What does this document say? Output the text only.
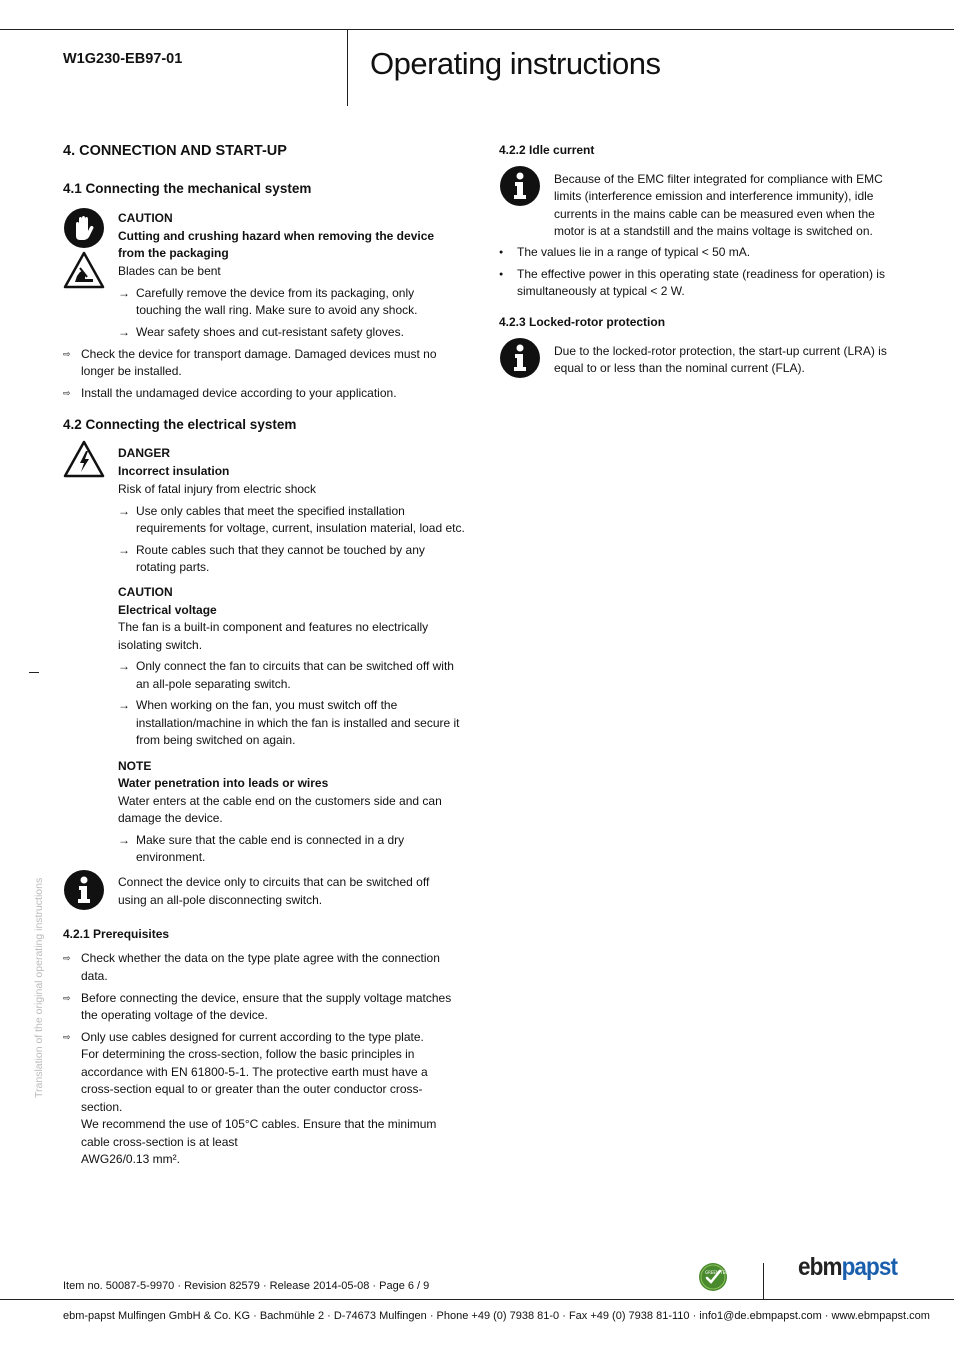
W1G230-EB97-01	Operating instructions
4. CONNECTION AND START-UP
4.1 Connecting the mechanical system
CAUTION
Cutting and crushing hazard when removing the device
from the packaging
Blades can be bent
→ Carefully remove the device from its packaging, only
touching the wall ring. Make sure to avoid any shock.
→ Wear safety shoes and cut-resistant safety gloves.
⇨ Check the device for transport damage. Damaged devices must no
longer be installed.
⇨ Install the undamaged device according to your application.
4.2 Connecting the electrical system
DANGER
Incorrect insulation
Risk of fatal injury from electric shock
→ Use only cables that meet the specified installation
requirements for voltage, current, insulation material, load etc.
→ Route cables such that they cannot be touched by any
rotating parts.
CAUTION
Electrical voltage
The fan is a built-in component and features no electrically
isolating switch.
→ Only connect the fan to circuits that can be switched off with
an all-pole separating switch.
→ When working on the fan, you must switch off the
installation/machine in which the fan is installed and secure it
from being switched on again.
NOTE
Water penetration into leads or wires
Water enters at the cable end on the customers side and can
damage the device.
→ Make sure that the cable end is connected in a dry
environment.
Connect the device only to circuits that can be switched off
using an all-pole disconnecting switch.
4.2.1 Prerequisites
⇨ Check whether the data on the type plate agree with the connection
data.
⇨ Before connecting the device, ensure that the supply voltage matches
the operating voltage of the device.
⇨ Only use cables designed for current according to the type plate.
For determining the cross-section, follow the basic principles in
accordance with EN 61800-5-1. The protective earth must have a
cross-section equal to or greater than the outer conductor cross-
section.
We recommend the use of 105°C cables. Ensure that the minimum
cable cross-section is at least
AWG26/0.13 mm².
4.2.2 Idle current
Because of the EMC filter integrated for compliance with EMC
limits (interference emission and interference immunity), idle
currents in the mains cable can be measured even when the
motor is at a standstill and the mains voltage is switched on.
● The values lie in a range of typical < 50 mA.
● The effective power in this operating state (readiness for operation) is
simultaneously at typical < 2 W.
4.2.3 Locked-rotor protection
Due to the locked-rotor protection, the start-up current (LRA) is
equal to or less than the nominal current (FLA).
Translation of the original operating instructions
Item no. 50087-5-9970 · Revision 82579 · Release 2014-05-08 · Page 6 / 9
GREEN TECH	ebmpapst
ebm-papst Mulfingen GmbH & Co. KG · Bachmühle 2 · D-74673 Mulfingen · Phone +49 (0) 7938 81-0 · Fax +49 (0) 7938 81-110 · info1@de.ebmpapst.com · www.ebmpapst.com
